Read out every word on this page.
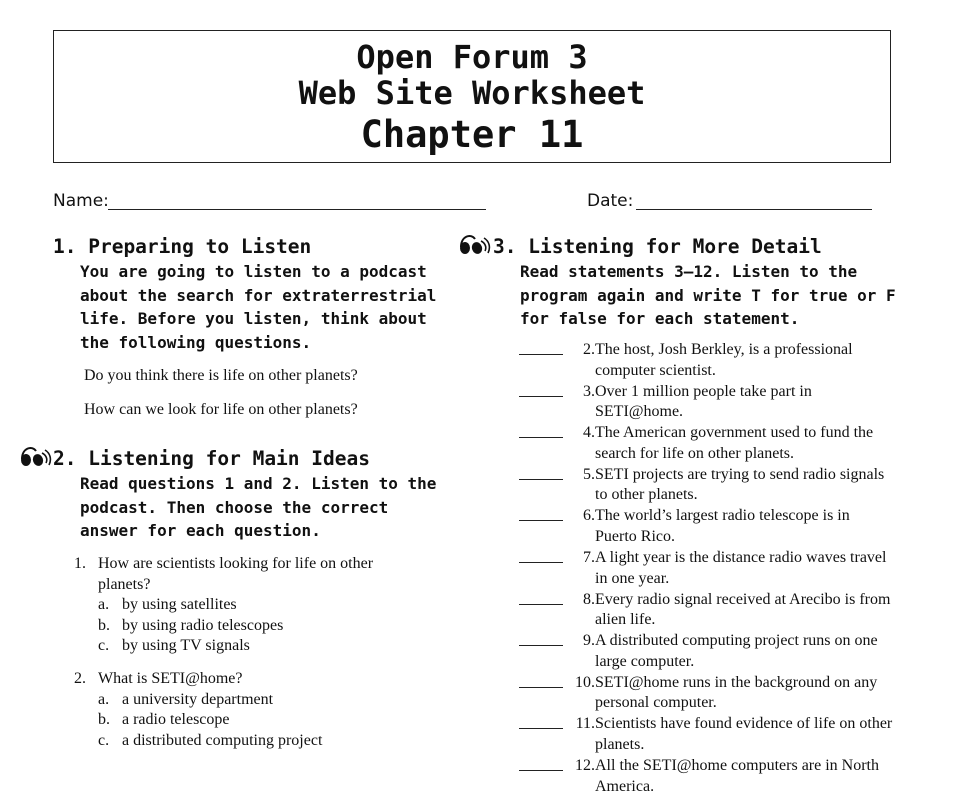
Open Forum 3
Web Site Worksheet
Chapter 11
Name:	Date:
1. Preparing to Listen
You are going to listen to a podcast about the search for extraterrestrial life. Before you listen, think about the following questions.
Do you think there is life on other planets?
How can we look for life on other planets?
2. Listening for Main Ideas
Read questions 1 and 2. Listen to the podcast. Then choose the correct answer for each question.
1. How are scientists looking for life on other planets?
a. by using satellites
b. by using radio telescopes
c. by using TV signals
2. What is SETI@home?
a. a university department
b. a radio telescope
c. a distributed computing project
3. Listening for More Detail
Read statements 3–12. Listen to the program again and write T for true or F for false for each statement.
2. The host, Josh Berkley, is a professional computer scientist.
3. Over 1 million people take part in SETI@home.
4. The American government used to fund the search for life on other planets.
5. SETI projects are trying to send radio signals to other planets.
6. The world’s largest radio telescope is in Puerto Rico.
7. A light year is the distance radio waves travel in one year.
8. Every radio signal received at Arecibo is from alien life.
9. A distributed computing project runs on one large computer.
10. SETI@home runs in the background on any personal computer.
11. Scientists have found evidence of life on other planets.
12. All the SETI@home computers are in North America.
